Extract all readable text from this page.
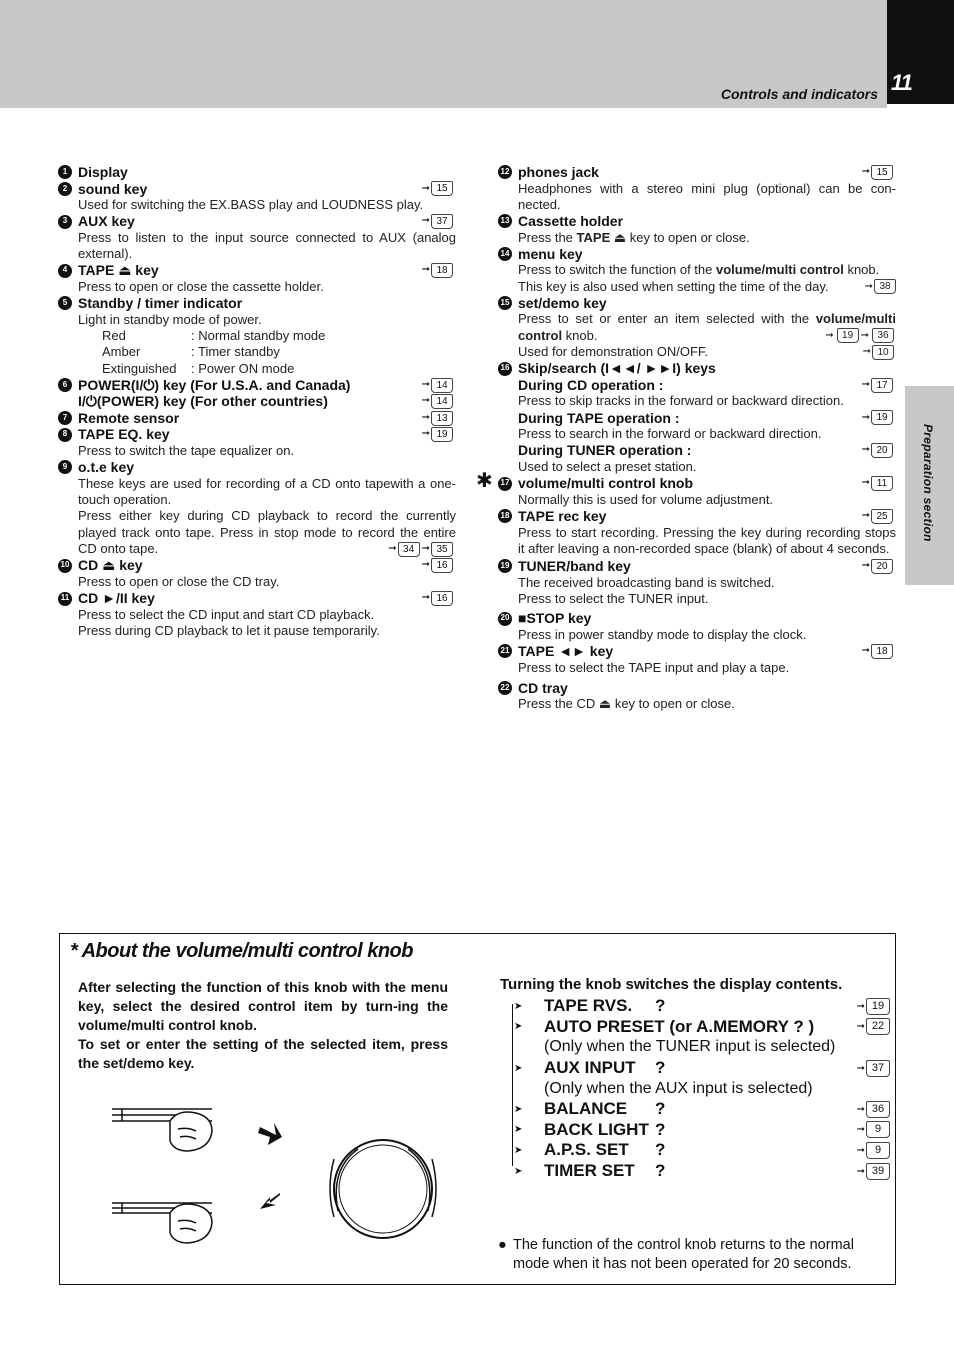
11
Controls and indicators
Preparation section
1 Display
2 sound key	➞ 15
Used for switching the EX.BASS play and LOUDNESS play.
3 AUX key	➞ 37
Press to listen to the input source connected to AUX (analog external).
4 TAPE ⏏ key	➞ 18
Press to open or close the cassette holder.
5 Standby / timer indicator
Light in standby mode of power.
Red	: Normal standby mode
Amber	: Timer standby
Extinguished	: Power ON mode
6 POWER(I/⏻) key (For U.S.A. and Canada)	➞ 14
I/⏻(POWER) key (For other countries)	➞ 14
7 Remote sensor	➞ 13
8 TAPE EQ. key	➞ 19
Press to switch the tape equalizer on.
9 o.t.e key
These keys are used for recording of a CD onto tapewith a one-touch operation.
Press either key during CD playback to record the currently played track onto tape. Press in stop mode to record the entire CD onto tape.	➞ 34 ➞ 35
10 CD ⏏ key	➞ 16
Press to open or close the CD tray.
11 CD ►/II key	➞ 16
Press to select the CD input and start CD playback.
Press during CD playback to let it pause temporarily.
12 phones jack	➞ 15
Headphones with a stereo mini plug (optional) can be con-nected.
13 Cassette holder
Press the TAPE ⏏ key to open or close.
14 menu key
Press to switch the function of the volume/multi control knob.
This key is also used when setting the time of the day.	➞ 38
15 set/demo key
Press to set or enter an item selected with the volume/multi control knob.	➞ 19 ➞ 36
Used for demonstration ON/OFF.	➞ 10
16 Skip/search (I◄◄/ ►►I) keys
During CD operation :	➞ 17
Press to skip tracks in the forward or backward direction.
During TAPE operation :	➞ 19
Press to search in the forward or backward direction.
During TUNER operation :	➞ 20
Used to select a preset station.
✱ 17 volume/multi control knob	➞ 11
Normally this is used for volume adjustment.
18 TAPE rec key	➞ 25
Press to start recording. Pressing the key during recording stops it after leaving a non-recorded space (blank) of about 4 seconds.
19 TUNER/band key	➞ 20
The received broadcasting band is switched.
Press to select the TUNER input.
20 ■STOP key
Press in power standby mode to display the clock.
21 TAPE ◄► key	➞ 18
Press to select the TAPE input and play a tape.
22 CD tray
Press the CD ⏏ key to open or close.
* About the volume/multi control knob
After selecting the function of this knob with the menu key, select the desired control item by turn-ing the volume/multi control knob.
To set or enter the setting of the selected item, press the set/demo key.
Turning the knob switches the display contents.
➤	TAPE RVS.	?	➞ 19
➤	AUTO PRESET (or A.MEMORY ? )	➞ 22
(Only when the TUNER input is selected)
➤	AUX INPUT	?	➞ 37
(Only when the AUX input is selected)
➤	BALANCE	?	➞ 36
➤	BACK LIGHT ?	➞ 9
➤	A.P.S. SET	?	➞ 9
➤	TIMER SET	?	➞ 39
● The function of the control knob returns to the normal mode when it has not been operated for 20 seconds.
